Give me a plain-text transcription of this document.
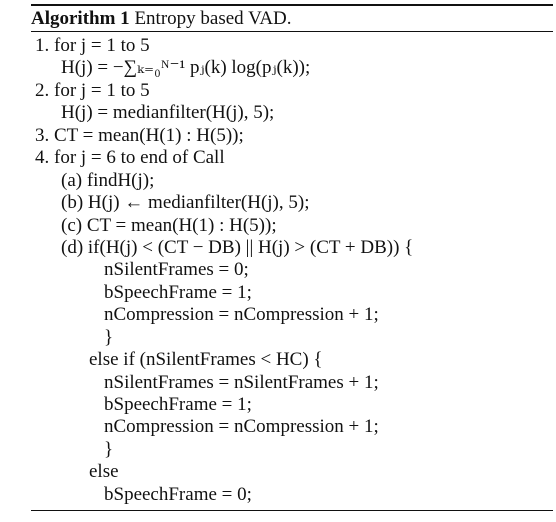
Algorithm 1 Entropy based VAD.
1. for j = 1 to 5
H(j) = −∑ₖ₌₀ᴺ⁻¹ pⱼ(k) log(pⱼ(k));
2. for j = 1 to 5
H(j) = medianfilter(H(j), 5);
3. CT = mean(H(1) : H(5));
4. for j = 6 to end of Call
(a) findH(j);
(b) H(j) ← medianfilter(H(j), 5);
(c) CT = mean(H(1) : H(5));
(d) if(H(j) < (CT − DB) || H(j) > (CT + DB)) {
nSilentFrames = 0;
bSpeechFrame = 1;
nCompression = nCompression + 1;
}
else if (nSilentFrames < HC) {
nSilentFrames = nSilentFrames + 1;
bSpeechFrame = 1;
nCompression = nCompression + 1;
}
else
bSpeechFrame = 0;
